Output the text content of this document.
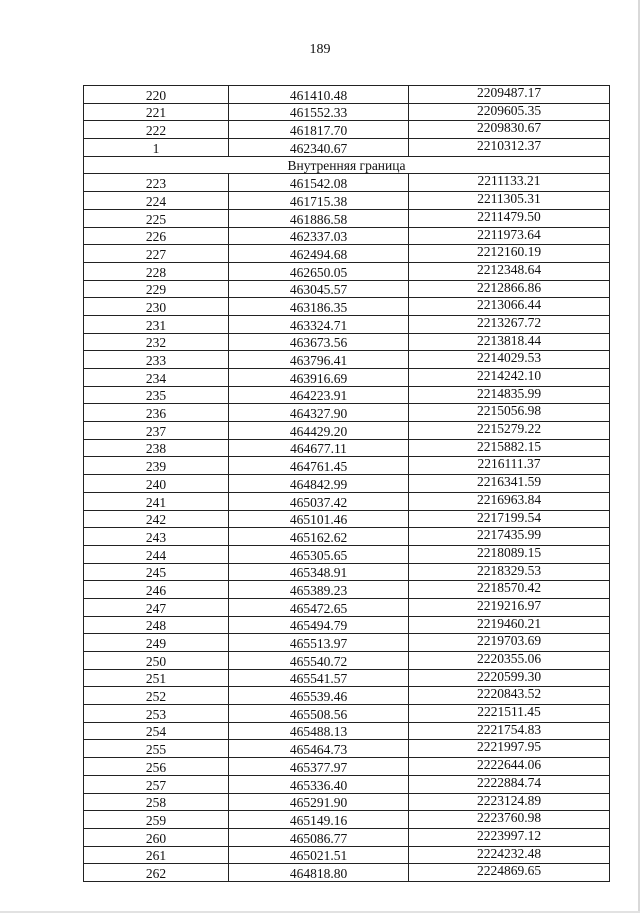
189
220	461410.48	2209487.17
221	461552.33	2209605.35
222	461817.70	2209830.67
1	462340.67	2210312.37
Внутренняя граница		
223	461542.08	2211133.21
224	461715.38	2211305.31
225	461886.58	2211479.50
226	462337.03	2211973.64
227	462494.68	2212160.19
228	462650.05	2212348.64
229	463045.57	2212866.86
230	463186.35	2213066.44
231	463324.71	2213267.72
232	463673.56	2213818.44
233	463796.41	2214029.53
234	463916.69	2214242.10
235	464223.91	2214835.99
236	464327.90	2215056.98
237	464429.20	2215279.22
238	464677.11	2215882.15
239	464761.45	2216111.37
240	464842.99	2216341.59
241	465037.42	2216963.84
242	465101.46	2217199.54
243	465162.62	2217435.99
244	465305.65	2218089.15
245	465348.91	2218329.53
246	465389.23	2218570.42
247	465472.65	2219216.97
248	465494.79	2219460.21
249	465513.97	2219703.69
250	465540.72	2220355.06
251	465541.57	2220599.30
252	465539.46	2220843.52
253	465508.56	2221511.45
254	465488.13	2221754.83
255	465464.73	2221997.95
256	465377.97	2222644.06
257	465336.40	2222884.74
258	465291.90	2223124.89
259	465149.16	2223760.98
260	465086.77	2223997.12
261	465021.51	2224232.48
262	464818.80	2224869.65
